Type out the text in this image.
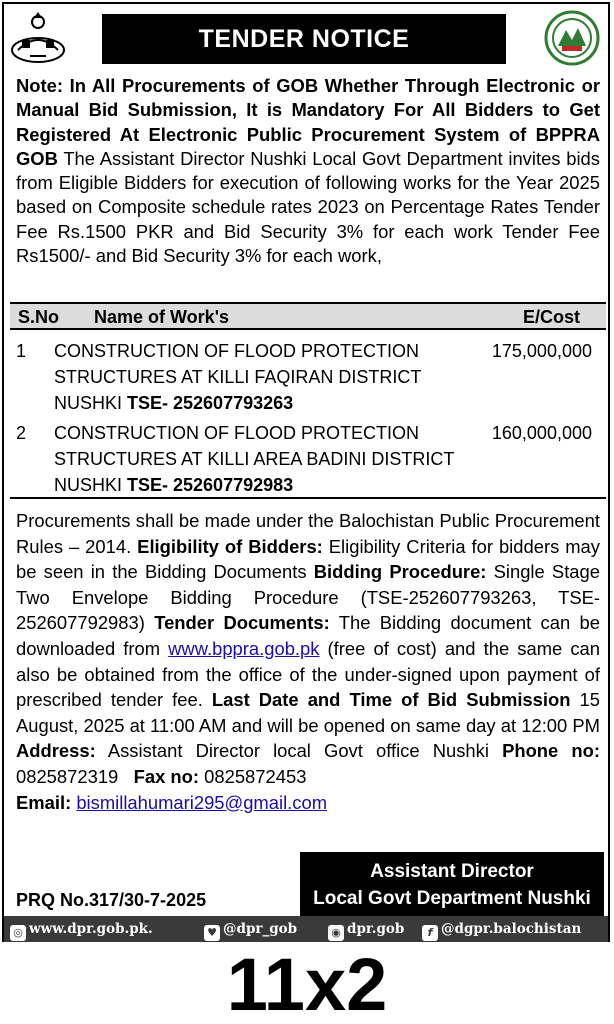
TENDER NOTICE
Note: In All Procurements of GOB Whether Through Electronic or Manual Bid Submission, It is Mandatory For All Bidders to Get Registered At Electronic Public Procurement System of BPPRA GOB The Assistant Director Nushki Local Govt Department invites bids from Eligible Bidders for execution of following works for the Year 2025 based on Composite schedule rates 2023 on Percentage Rates Tender Fee Rs.1500 PKR and Bid Security 3% for each work Tender Fee Rs1500/- and Bid Security 3% for each work,
S.No Name of Work's	E/Cost
1 CONSTRUCTION OF FLOOD PROTECTION STRUCTURES AT KILLI FAQIRAN DISTRICT NUSHKI TSE- 252607793263
175,000,000
2 CONSTRUCTION OF FLOOD PROTECTION STRUCTURES AT KILLI AREA BADINI DISTRICT NUSHKI TSE- 252607792983
160,000,000
Procurements shall be made under the Balochistan Public Procurement Rules – 2014. Eligibility of Bidders: Eligibility Criteria for bidders may be seen in the Bidding Documents Bidding Procedure: Single Stage Two Envelope Bidding Procedure (TSE-252607793263, TSE- 252607792983) Tender Documents: The Bidding document can be downloaded from www.bppra.gob.pk (free of cost) and the same can also be obtained from the office of the under-signed upon payment of prescribed tender fee. Last Date and Time of Bid Submission 15 August, 2025 at 11:00 AM and will be opened on same day at 12:00 PM Address: Assistant Director local Govt office Nushki Phone no: 0825872319 Fax no: 0825872453
Email: bismillahumari295@gmail.com
Assistant Director
Local Govt Department Nushki
PRQ No.317/30-7-2025
◎ www.dpr.gob.pk.	♥ @dpr_gob	◉ dpr.gob	f @dgpr.balochistan
11x2
